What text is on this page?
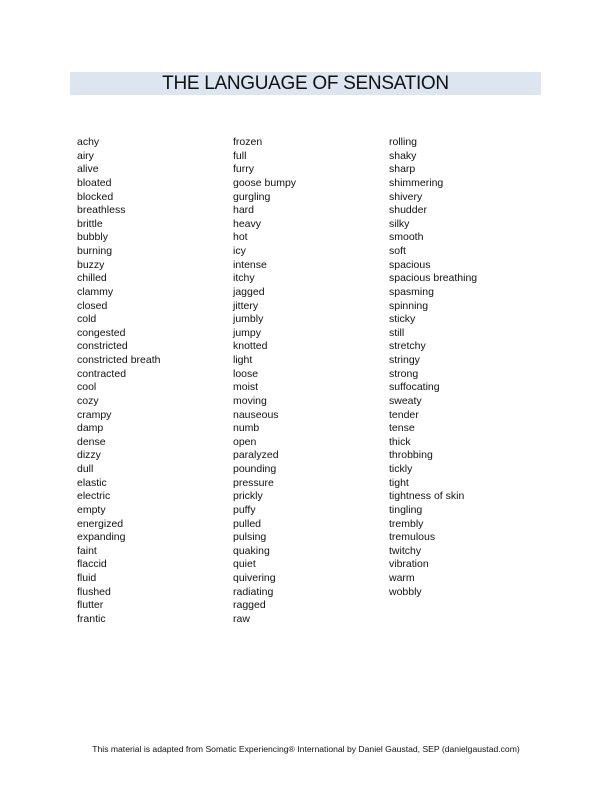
THE LANGUAGE OF SENSATION
achy
airy
alive
bloated
blocked
breathless
brittle
bubbly
burning
buzzy
chilled
clammy
closed
cold
congested
constricted
constricted breath
contracted
cool
cozy
crampy
damp
dense
dizzy
dull
elastic
electric
empty
energized
expanding
faint
flaccid
fluid
flushed
flutter
frantic
frozen
full
furry
goose bumpy
gurgling
hard
heavy
hot
icy
intense
itchy
jagged
jittery
jumbly
jumpy
knotted
light
loose
moist
moving
nauseous
numb
open
paralyzed
pounding
pressure
prickly
puffy
pulled
pulsing
quaking
quiet
quivering
radiating
ragged
raw
rolling
shaky
sharp
shimmering
shivery
shudder
silky
smooth
soft
spacious
spacious breathing
spasming
spinning
sticky
still
stretchy
stringy
strong
suffocating
sweaty
tender
tense
thick
throbbing
tickly
tight
tightness of skin
tingling
trembly
tremulous
twitchy
vibration
warm
wobbly
This material is adapted from Somatic Experiencing® International by Daniel Gaustad, SEP (danielgaustad.com)
